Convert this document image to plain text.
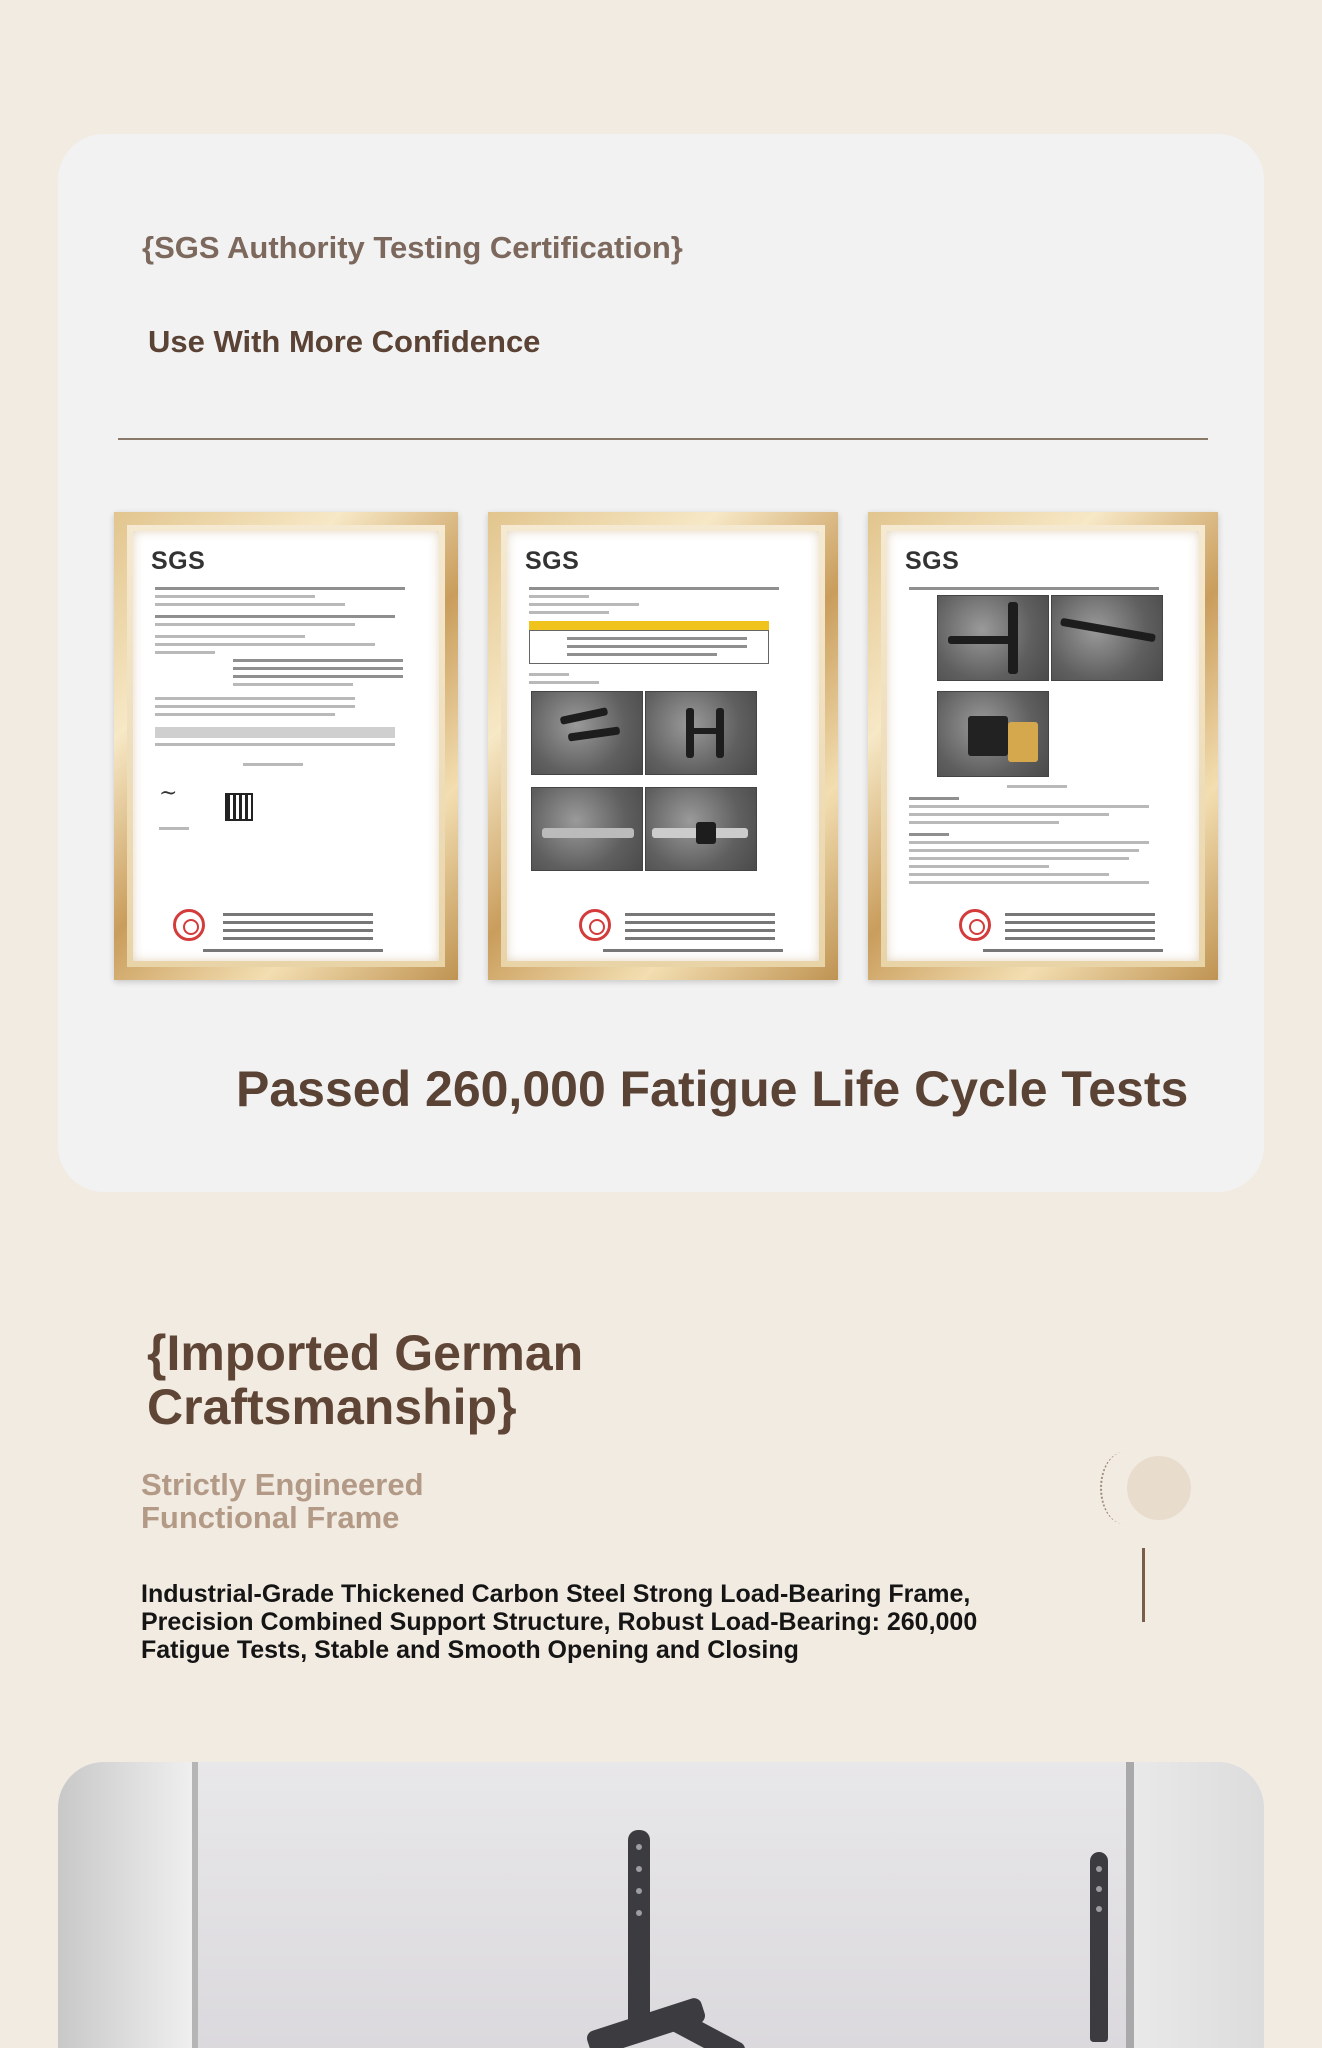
{SGS Authority Testing Certification}
Use With More Confidence
SGS
~
SGS	SGS
Passed 260,000 Fatigue Life Cycle Tests
{Imported German Craftsmanship}
Strictly Engineered Functional Frame

Industrial-Grade Thickened Carbon Steel Strong Load-Bearing Frame, Precision Combined Support Structure, Robust Load-Bearing: 260,000 Fatigue Tests, Stable and Smooth Opening and Closing
